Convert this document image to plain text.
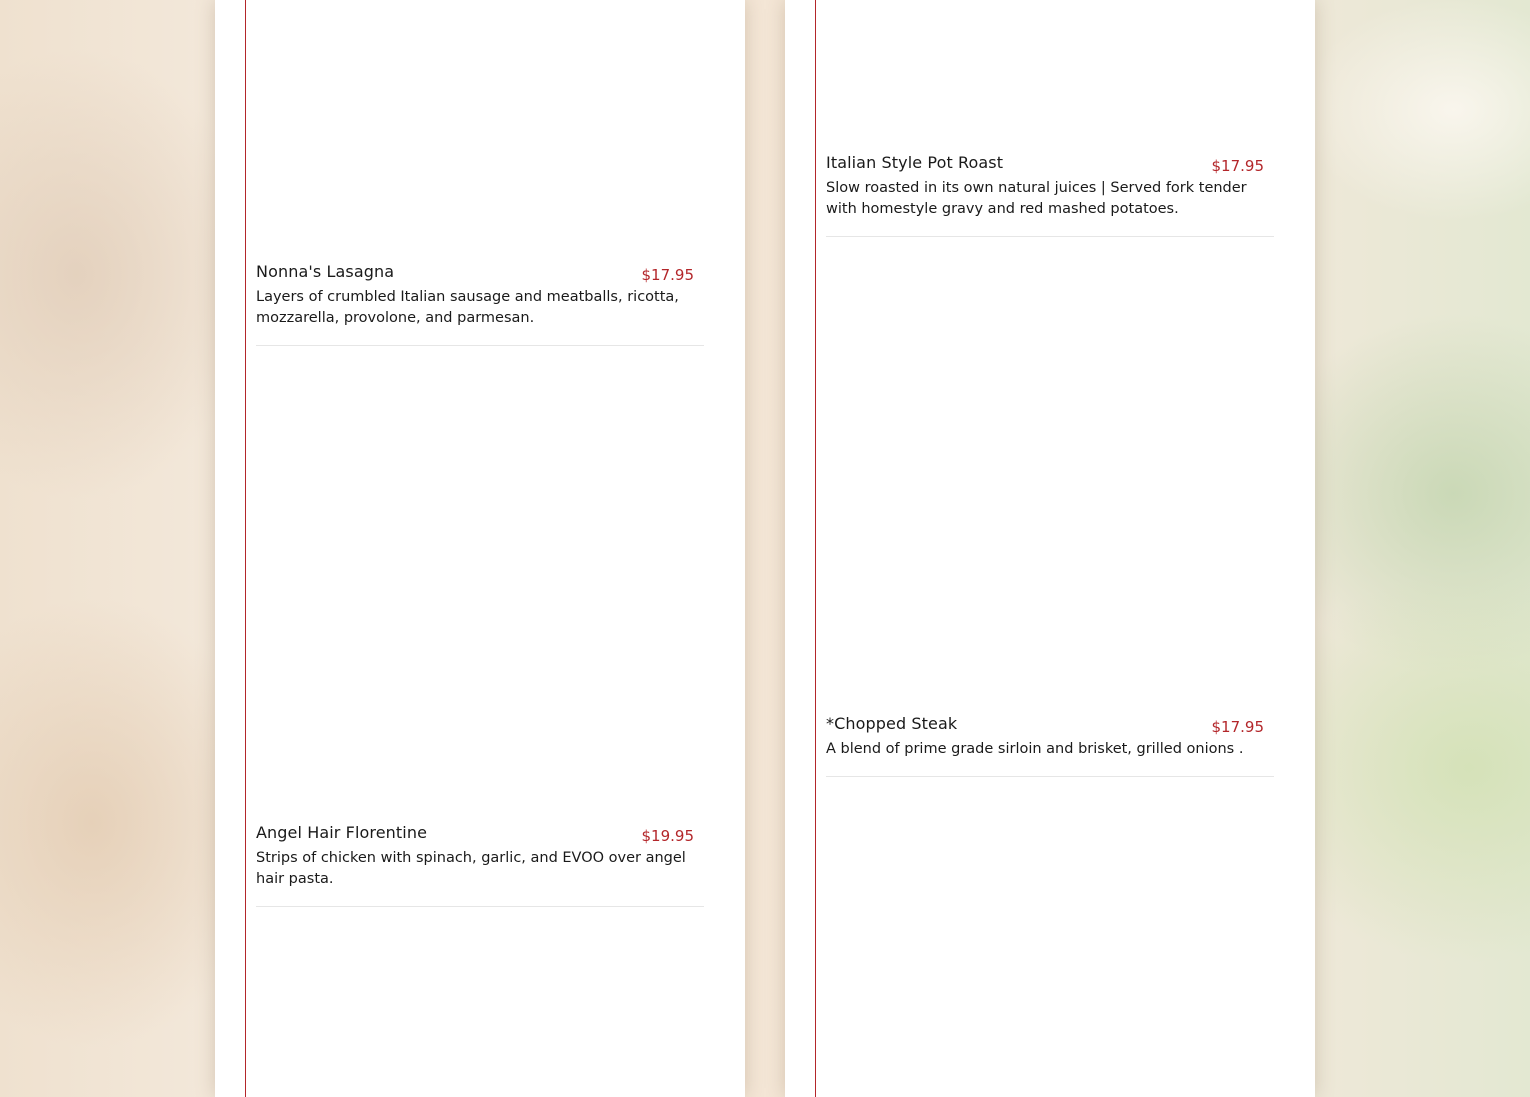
Nonna's Lasagna	$17.95
Layers of crumbled Italian sausage and meatballs, ricotta, mozzarella, provolone, and parmesan.
Angel Hair Florentine	$19.95
Strips of chicken with spinach, garlic, and EVOO over angel hair pasta.
Italian Style Pot Roast	$17.95
Slow roasted in its own natural juices | Served fork tender with homestyle gravy and red mashed potatoes.
*Chopped Steak	$17.95
A blend of prime grade sirloin and brisket, grilled onions .
